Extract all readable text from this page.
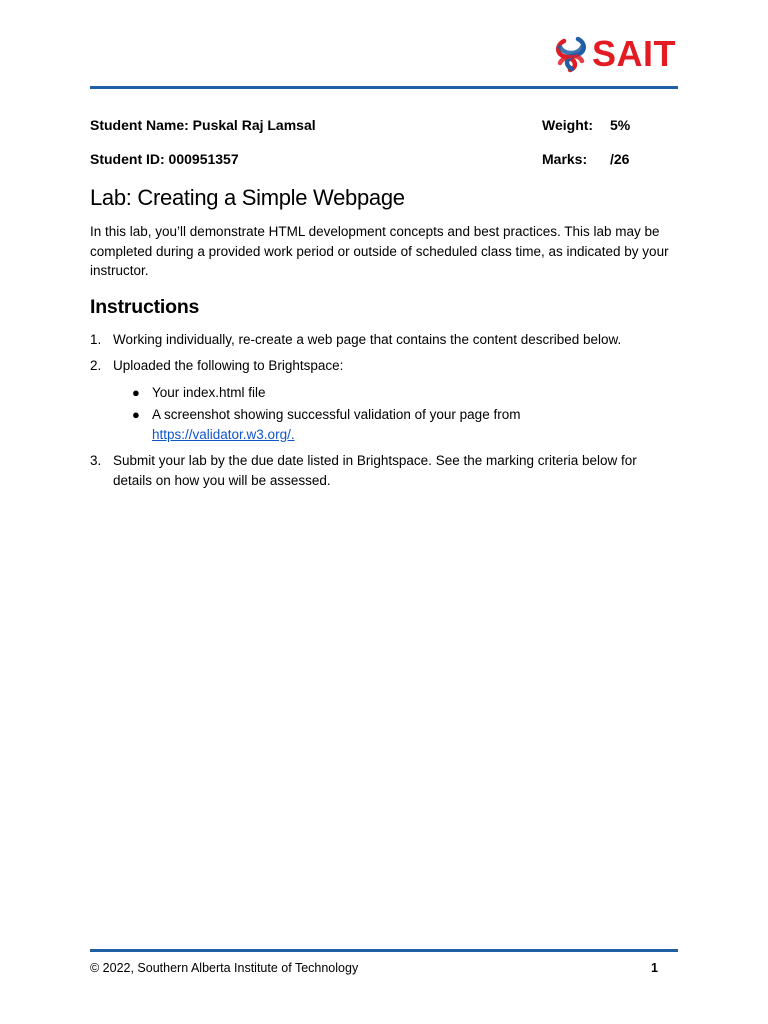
SAIT
Student Name: Puskal Raj Lamsal	Weight: 5%
Student ID: 000951357	Marks: /26
Lab: Creating a Simple Webpage

In this lab, you’ll demonstrate HTML development concepts and best practices. This lab may be completed during a provided work period or outside of scheduled class time, as indicated by your instructor.

Instructions
1. Working individually, re-create a web page that contains the content described below.
2. Uploaded the following to Brightspace:
● Your index.html file
● A screenshot showing successful validation of your page from
https://validator.w3.org/.
3. Submit your lab by the due date listed in Brightspace. See the marking criteria below for details on how you will be assessed.
© 2022, Southern Alberta Institute of Technology	1
